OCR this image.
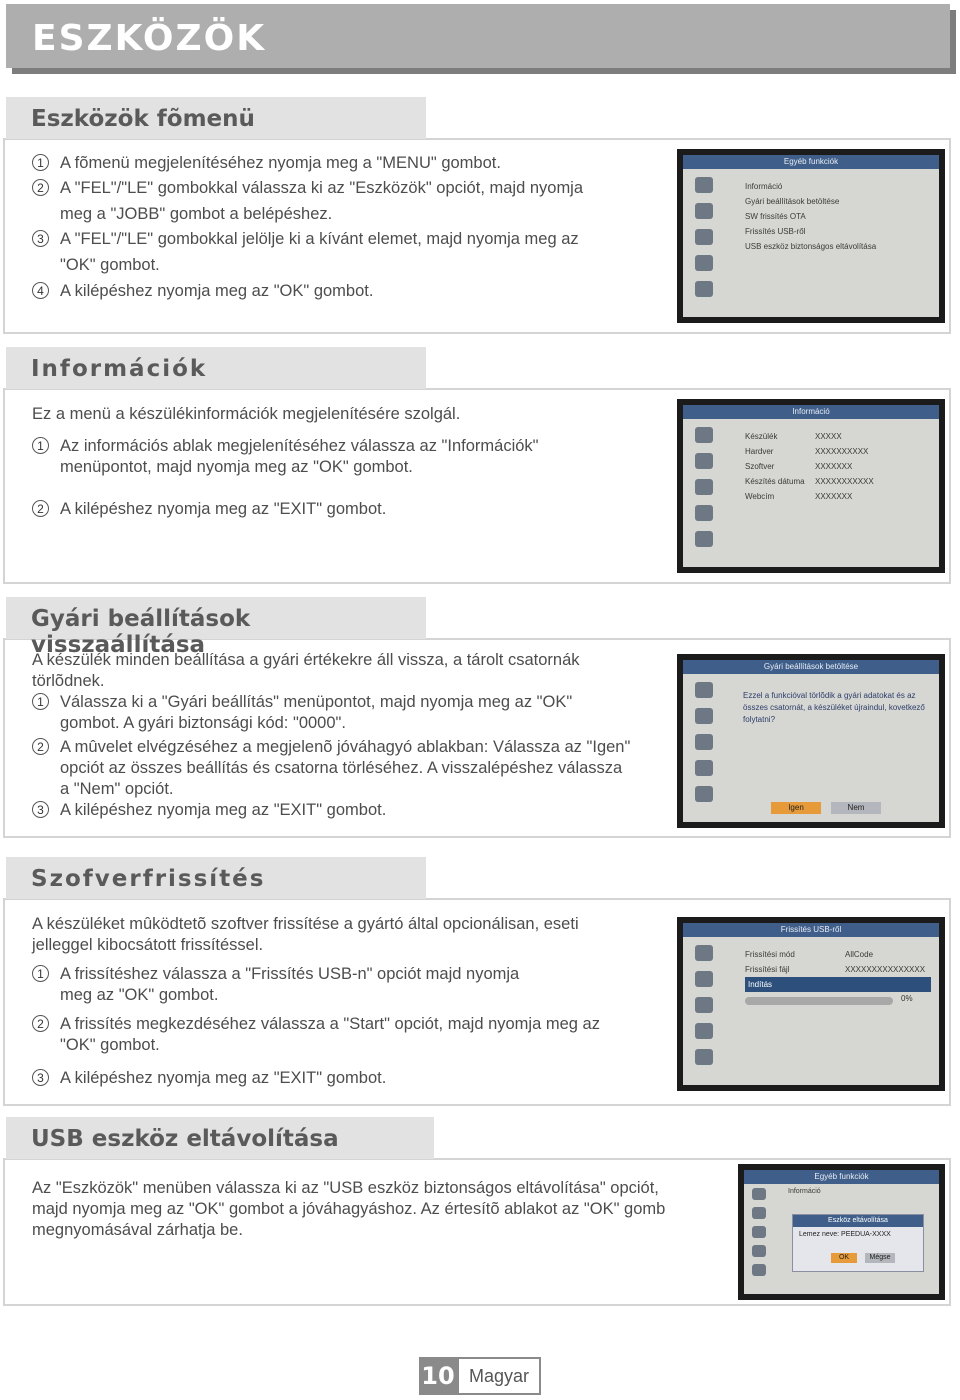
ESZKÖZÖK
Eszközök fõmenü
1 A fõmenü megjelenítéséhez nyomja meg a "MENU" gombot.
2 A "FEL"/"LE" gombokkal válassza ki az "Eszközök" opciót, majd nyomja meg a "JOBB" gombot a belépéshez.
3 A "FEL"/"LE" gombokkal jelölje ki a kívánt elemet, majd nyomja meg az "OK" gombot.
4 A kilépéshez nyomja meg az "OK" gombot.
Egyéb funkciók
Információ
Gyári beállítások betöltése
SW frissítés OTA
Frissítés USB-ről
USB eszköz biztonságos eltávolítása
Információk
Ez a menü a készülékinformációk megjelenítésére szolgál.
1 Az információs ablak megjelenítéséhez válassza az "Információk" menüpontot, majd nyomja meg az "OK" gombot.
2 A kilépéshez nyomja meg az "EXIT" gombot.
Információ
Készülék	XXXXX
Hardver	XXXXXXXXXX
Szoftver	XXXXXXX
Készítés dátuma	XXXXXXXXXXX
Webcím	XXXXXXX
Gyári beállítások visszaállítása
A készülék minden beállítása a gyári értékekre áll vissza, a tárolt csatornák törlõdnek.
1 Válassza ki a "Gyári beállítás" menüpontot, majd nyomja meg az "OK" gombot. A gyári biztonsági kód: "0000".
2 A mûvelet elvégzéséhez a megjelenõ jóváhagyó ablakban: Válassza az "Igen" opciót az összes beállítás és csatorna törléséhez. A visszalépéshez válassza a "Nem" opciót.
3 A kilépéshez nyomja meg az "EXIT" gombot.
Gyári beállítások betöltése
Ezzel a funkcióval törlõdik a gyári adatokat és az összes csatornát, a készüléket újraindul, kovetkező folytatni?
Igen	Nem
Szofverfrissítés
A készüléket mûködtetõ szoftver frissítése a gyártó által opcionálisan, eseti jelleggel kibocsátott frissítéssel.
1 A frissítéshez válassza a "Frissítés USB-n" opciót majd nyomja meg az "OK" gombot.
2 A frissítés megkezdéséhez válassza a "Start" opciót, majd nyomja meg az "OK" gombot.
3 A kilépéshez nyomja meg az "EXIT" gombot.
Frissítés USB-ről
Frissítési mód	AllCode
Frissítési fájl	XXXXXXXXXXXXXXX
Indítás
0%
USB eszköz eltávolítása
Az "Eszközök" menüben válassza ki az "USB eszköz biztonságos eltávolítása" opciót, majd nyomja meg az "OK" gombot a jóváhagyáshoz. Az értesítõ ablakot az "OK" gomb megnyomásával zárhatja be.
Egyéb funkciók
Információ
Eszköz eltávolítása
Lemez neve: PEEDUA-XXXX
OK	Mégse
10 Magyar
